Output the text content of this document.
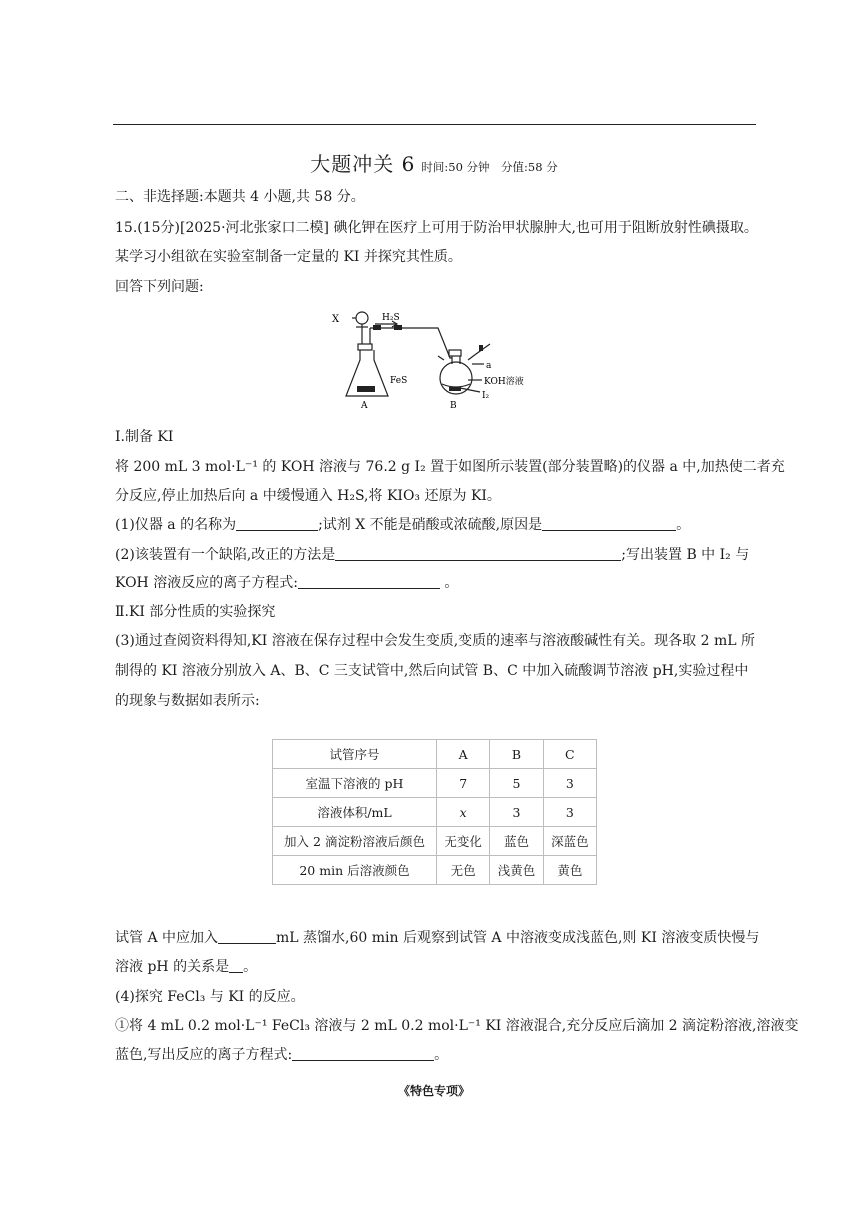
大题冲关 6 时间:50 分钟　分值:58 分
二、非选择题:本题共 4 小题,共 58 分。
15.(15分)[2025·河北张家口二模] 碘化钾在医疗上可用于防治甲状腺肿大,也可用于阻断放射性碘摄取。
某学习小组欲在实验室制备一定量的 KI 并探究其性质。
回答下列问题:
X	H₂S
FeS
A	B
a
KOH溶液
I₂
Ⅰ.制备 KI
将 200 mL 3 mol·L⁻¹ 的 KOH 溶液与 76.2 g I₂ 置于如图所示装置(部分装置略)的仪器 a 中,加热使二者充
分反应,停止加热后向 a 中缓慢通入 H₂S,将 KIO₃ 还原为 KI。
(1)仪器 a 的名称为	;试剂 X 不能是硝酸或浓硫酸,原因是	。
(2)该装置有一个缺陷,改正的方法是	;写出装置 B 中 I₂ 与
KOH 溶液反应的离子方程式:	。
Ⅱ.KI 部分性质的实验探究
(3)通过查阅资料得知,KI 溶液在保存过程中会发生变质,变质的速率与溶液酸碱性有关。现各取 2 mL 所
制得的 KI 溶液分别放入 A、B、C 三支试管中,然后向试管 B、C 中加入硫酸调节溶液 pH,实验过程中
的现象与数据如表所示:
试管序号	A	B	C
室温下溶液的 pH	7	5	3
溶液体积/mL	x	3	3
加入 2 滴淀粉溶液后颜色	无变化	蓝色	深蓝色
20 min 后溶液颜色	无色	浅黄色	黄色
试管 A 中应加入	mL 蒸馏水,60 min 后观察到试管 A 中溶液变成浅蓝色,则 KI 溶液变质快慢与
溶液 pH 的关系是 。
(4)探究 FeCl₃ 与 KI 的反应。
①将 4 mL 0.2 mol·L⁻¹ FeCl₃ 溶液与 2 mL 0.2 mol·L⁻¹ KI 溶液混合,充分反应后滴加 2 滴淀粉溶液,溶液变
蓝色,写出反应的离子方程式:	。
《特色专项》
